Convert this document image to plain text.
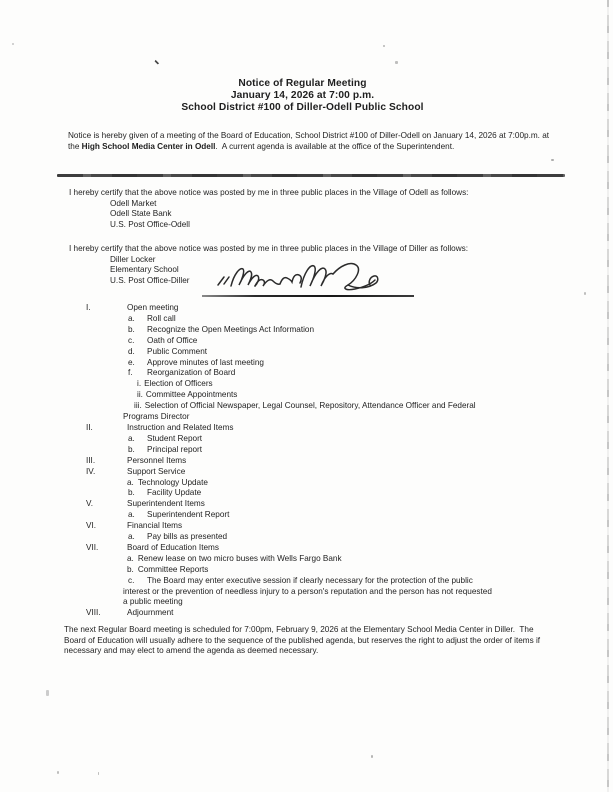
Notice of Regular Meeting
January 14, 2026 at 7:00 p.m.
School District #100 of Diller-Odell Public School
Notice is hereby given of a meeting of the Board of Education, School District #100 of Diller-Odell on January 14, 2026 at 7:00p.m. at the High School Media Center in Odell.  A current agenda is available at the office of the Superintendent.
I hereby certify that the above notice was posted by me in three public places in the Village of Odell as follows:
Odell Market
Odell State Bank
U.S. Post Office-Odell
I hereby certify that the above notice was posted by me in three public places in the Village of Diller as follows:
Diller Locker
Elementary School
U.S. Post Office-Diller
I.	Open meeting
a.	Roll call
b.	Recognize the Open Meetings Act Information
c.	Oath of Office
d.	Public Comment
e.	Approve minutes of last meeting
f.	Reorganization of Board
i. Election of Officers
ii. Committee Appointments
iii. Selection of Official Newspaper, Legal Counsel, Repository, Attendance Officer and Federal
Programs Director
II.	Instruction and Related Items
a.	Student Report
b.	Principal report
III.	Personnel Items
IV.	Support Service
a. Technology Update
b.	Facility Update
V.	Superintendent Items
a.	Superintendent Report
VI.	Financial Items
a.	Pay bills as presented
VII.	Board of Education Items
a. Renew lease on two micro buses with Wells Fargo Bank
b. Committee Reports
c.	The Board may enter executive session if clearly necessary for the protection of the public
interest or the prevention of needless injury to a person's reputation and the person has not requested
a public meeting
VIII.	Adjournment
The next Regular Board meeting is scheduled for 7:00pm, February 9, 2026 at the Elementary School Media Center in Diller.  The Board of Education will usually adhere to the sequence of the published agenda, but reserves the right to adjust the order of items if necessary and may elect to amend the agenda as deemed necessary.
